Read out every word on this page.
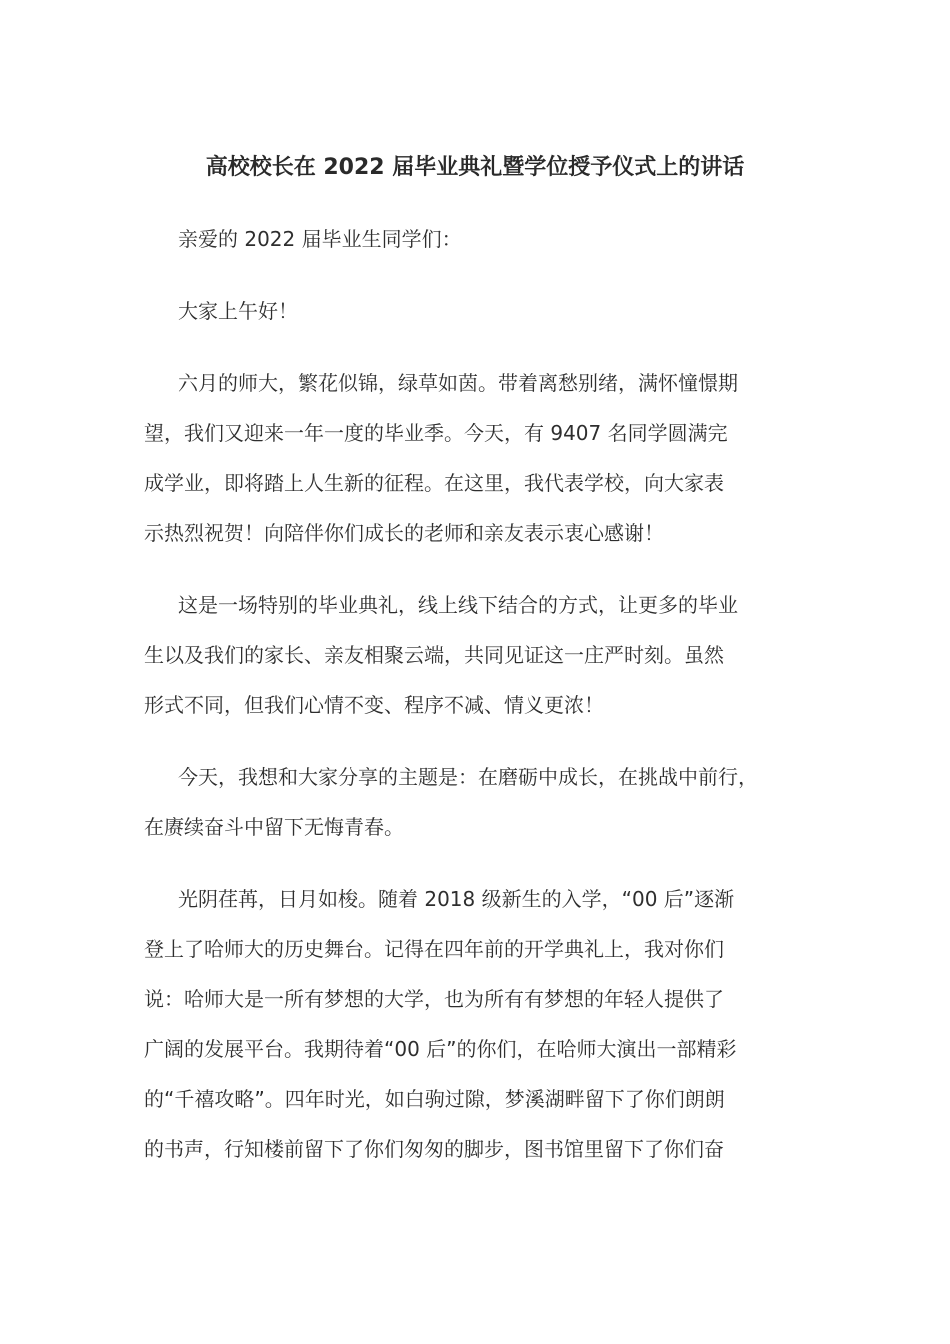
高校校长在 2022 届毕业典礼暨学位授予仪式上的讲话

亲爱的 2022 届毕业生同学们：

大家上午好！

六月的师大，繁花似锦，绿草如茵。带着离愁别绪，满怀憧憬期
望，我们又迎来一年一度的毕业季。今天，有 9407 名同学圆满完
成学业，即将踏上人生新的征程。在这里，我代表学校，向大家表
示热烈祝贺！向陪伴你们成长的老师和亲友表示衷心感谢！

这是一场特别的毕业典礼，线上线下结合的方式，让更多的毕业
生以及我们的家长、亲友相聚云端，共同见证这一庄严时刻。虽然
形式不同，但我们心情不变、程序不减、情义更浓！

今天，我想和大家分享的主题是：在磨砺中成长，在挑战中前行，
在赓续奋斗中留下无悔青春。

光阴荏苒，日月如梭。随着 2018 级新生的入学，“00 后”逐渐
登上了哈师大的历史舞台。记得在四年前的开学典礼上，我对你们
说：哈师大是一所有梦想的大学，也为所有有梦想的年轻人提供了
广阔的发展平台。我期待着“00 后”的你们，在哈师大演出一部精彩
的“千禧攻略”。四年时光，如白驹过隙，梦溪湖畔留下了你们朗朗
的书声，行知楼前留下了你们匆匆的脚步，图书馆里留下了你们奋
